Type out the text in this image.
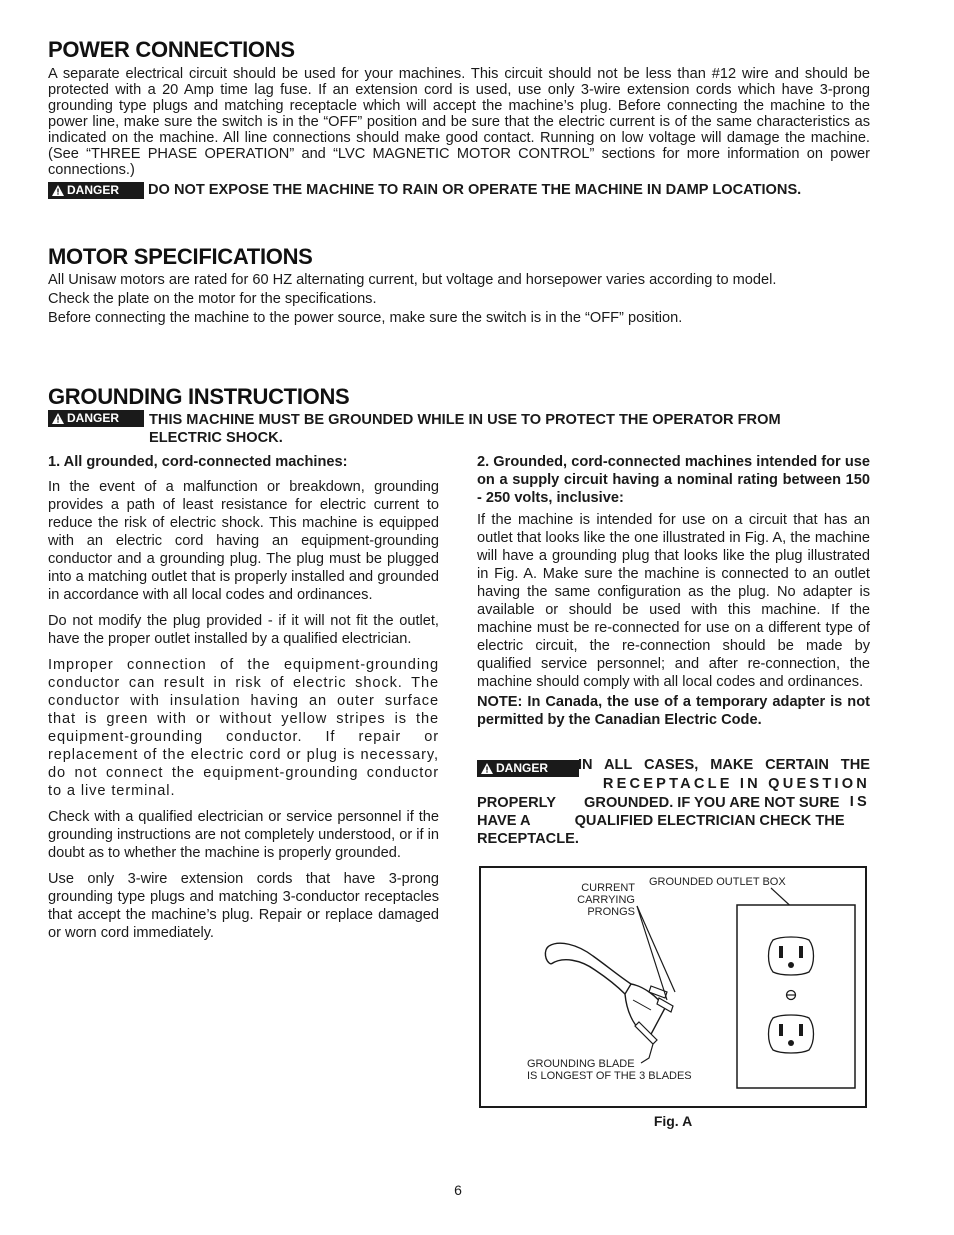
POWER CONNECTIONS

A separate electrical circuit should be used for your machines. This circuit should not be less than #12 wire and should be protected with a 20 Amp time lag fuse. If an extension cord is used, use only 3-wire extension cords which have 3-prong grounding type plugs and matching receptacle which will accept the machine’s plug. Before connecting the machine to the power line, make sure the switch is in the “OFF” position and be sure that the electric current is of the same characteristics as indicated on the machine. All line connections should make good contact. Running on low voltage will damage the machine. (See “THREE PHASE OPERATION” and “LVC MAGNETIC MOTOR CONTROL” sections for more information on power connections.)

DANGER DO NOT EXPOSE THE MACHINE TO RAIN OR OPERATE THE MACHINE IN DAMP LOCATIONS.

MOTOR SPECIFICATIONS

All Unisaw motors are rated for 60 HZ alternating current, but voltage and horsepower varies according to model.

Check the plate on the motor for the specifications.

Before connecting the machine to the power source, make sure the switch is in the “OFF” position.

GROUNDING INSTRUCTIONS
DANGER THIS MACHINE MUST BE GROUNDED WHILE IN USE TO PROTECT THE OPERATOR FROM ELECTRIC SHOCK.

1. All grounded, cord-connected machines:

In the event of a malfunction or breakdown, grounding provides a path of least resistance for electric current to reduce the risk of electric shock. This machine is equipped with an electric cord having an equipment-grounding conductor and a grounding plug. The plug must be plugged into a matching outlet that is properly installed and grounded in accordance with all local codes and ordinances.

Do not modify the plug provided - if it will not fit the outlet, have the proper outlet installed by a qualified electrician.

Improper connection of the equipment-grounding conductor can result in risk of electric shock. The conductor with insulation having an outer surface that is green with or without yellow stripes is the equipment-grounding conductor. If repair or replacement of the electric cord or plug is necessary, do not connect the equipment-grounding conductor to a live terminal.

Check with a qualified electrician or service personnel if the grounding instructions are not completely understood, or if in doubt as to whether the machine is properly grounded.

Use only 3-wire extension cords that have 3-prong grounding type plugs and matching 3-conductor receptacles that accept the machine’s plug. Repair or replace damaged or worn cord immediately.

2. Grounded, cord-connected machines intended for use on a supply circuit having a nominal rating between 150 - 250 volts, inclusive:

If the machine is intended for use on a circuit that has an outlet that looks like the one illustrated in Fig. A, the machine will have a grounding plug that looks like the plug illustrated in Fig. A. Make sure the machine is connected to an outlet having the same configuration as the plug. No adapter is available or should be used with this machine. If the machine must be re-connected for use on a different type of electric circuit, the re-connection should be made by qualified service personnel; and after re-connection, the machine should comply with all local codes and ordinances.

NOTE: In Canada, the use of a temporary adapter is not permitted by the Canadian Electric Code.

DANGER IN ALL CASES, MAKE CERTAIN THE

RECEPTACLE IN QUESTION IS

PROPERLY       GROUNDED. IF YOU ARE NOT SURE HAVE A           QUALIFIED ELECTRICIAN CHECK THE RECEPTACLE.

CURRENT
CARRYING
PRONGS
GROUNDED OUTLET BOX
GROUNDING BLADE
IS LONGEST OF THE 3 BLADES
Fig. A
6
